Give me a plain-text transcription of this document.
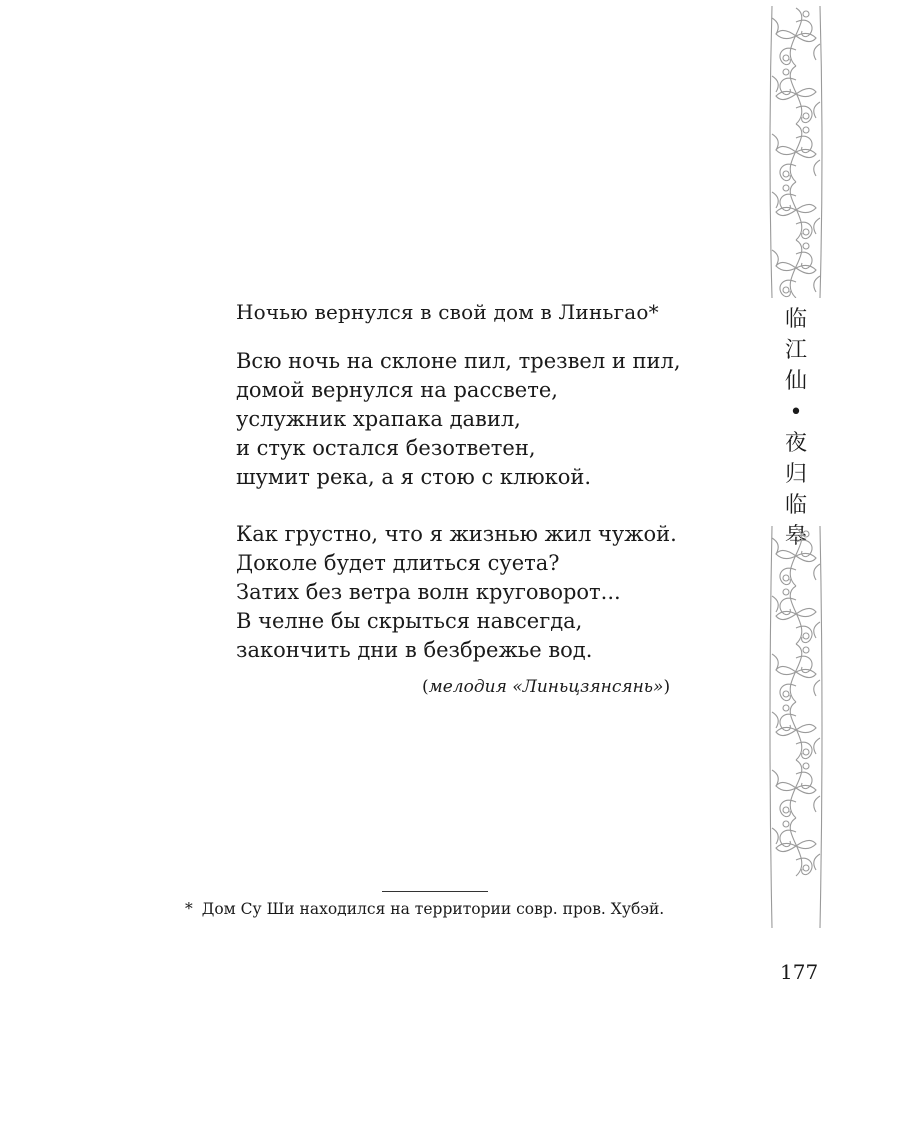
Ночью вернулся в свой дом в Линьгао*
Всю ночь на склоне пил, трезвел и пил,
домой вернулся на рассвете,
услужник храпака давил,
и стук остался безответен,
шумит река, а я стою с клюкой.
Как грустно, что я жизнью жил чужой.
Доколе будет длиться суета?
Затих без ветра волн круговорот...
В челне бы скрыться навсегда,
закончить дни в безбрежье вод.
(мелодия «Линьцзянсянь»)
* Дом Су Ши находился на территории совр. пров. Хубэй.
临
江
仙
•
夜
归
临
皋
177
